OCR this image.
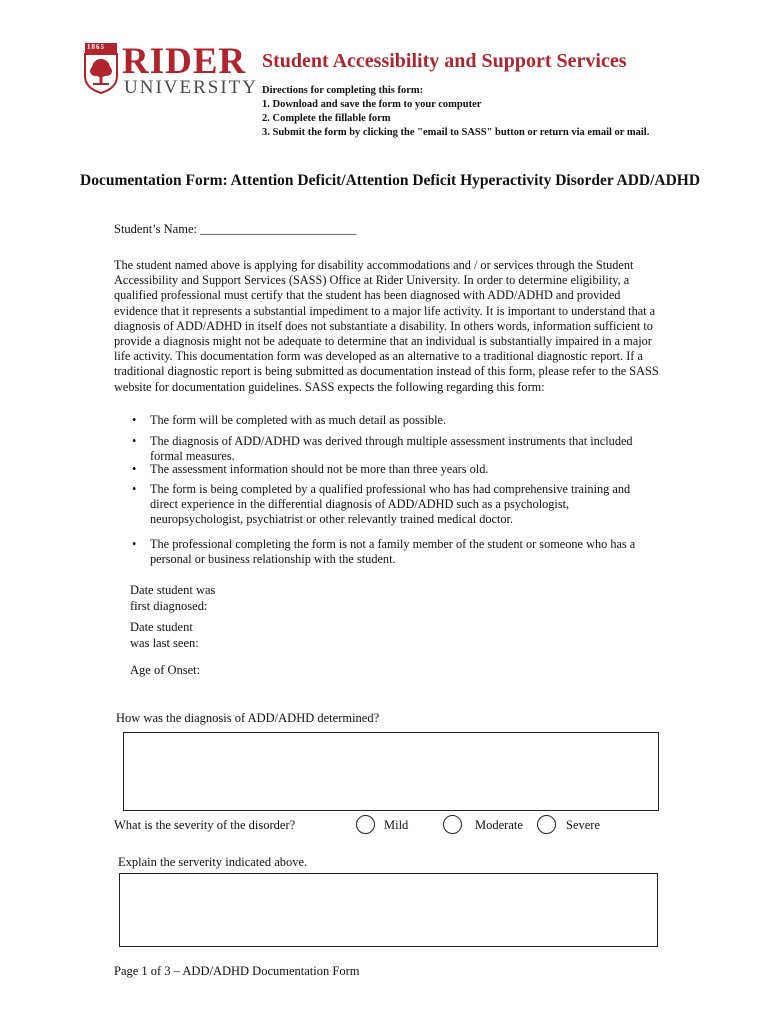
1865 RIDER
UNIVERSITY
Student Accessibility and Support Services
Directions for completing this form:
1. Download and save the form to your computer
2. Complete the fillable form
3. Submit the form by clicking the "email to SASS" button or return via email or mail.
Documentation Form: Attention Deficit/Attention Deficit Hyperactivity Disorder ADD/ADHD
Student’s Name: _________________________
The student named above is applying for disability accommodations and / or services through the Student Accessibility and Support Services (SASS) Office at Rider University. In order to determine eligibility, a qualified professional must certify that the student has been diagnosed with ADD/ADHD and provided evidence that it represents a substantial impediment to a major life activity. It is important to understand that a diagnosis of ADD/ADHD in itself does not substantiate a disability. In others words, information sufficient to provide a diagnosis might not be adequate to determine that an individual is substantially impaired in a major life activity. This documentation form was developed as an alternative to a traditional diagnostic report. If a traditional diagnostic report is being submitted as documentation instead of this form, please refer to the SASS website for documentation guidelines. SASS expects the following regarding this form:
• The form will be completed with as much detail as possible.
• The diagnosis of ADD/ADHD was derived through multiple assessment instruments that included formal measures.
• The assessment information should not be more than three years old.
• The form is being completed by a qualified professional who has had comprehensive training and direct experience in the differential diagnosis of ADD/ADHD such as a psychologist, neuropsychologist, psychiatrist or other relevantly trained medical doctor.
• The professional completing the form is not a family member of the student or someone who has a personal or business relationship with the student.
Date student was
first diagnosed:
Date student
was last seen:
Age of Onset:
How was the diagnosis of ADD/ADHD determined?
What is the severity of the disorder?	Mild	Moderate	Severe
Explain the serverity indicated above.
Page 1 of 3 – ADD/ADHD Documentation Form
